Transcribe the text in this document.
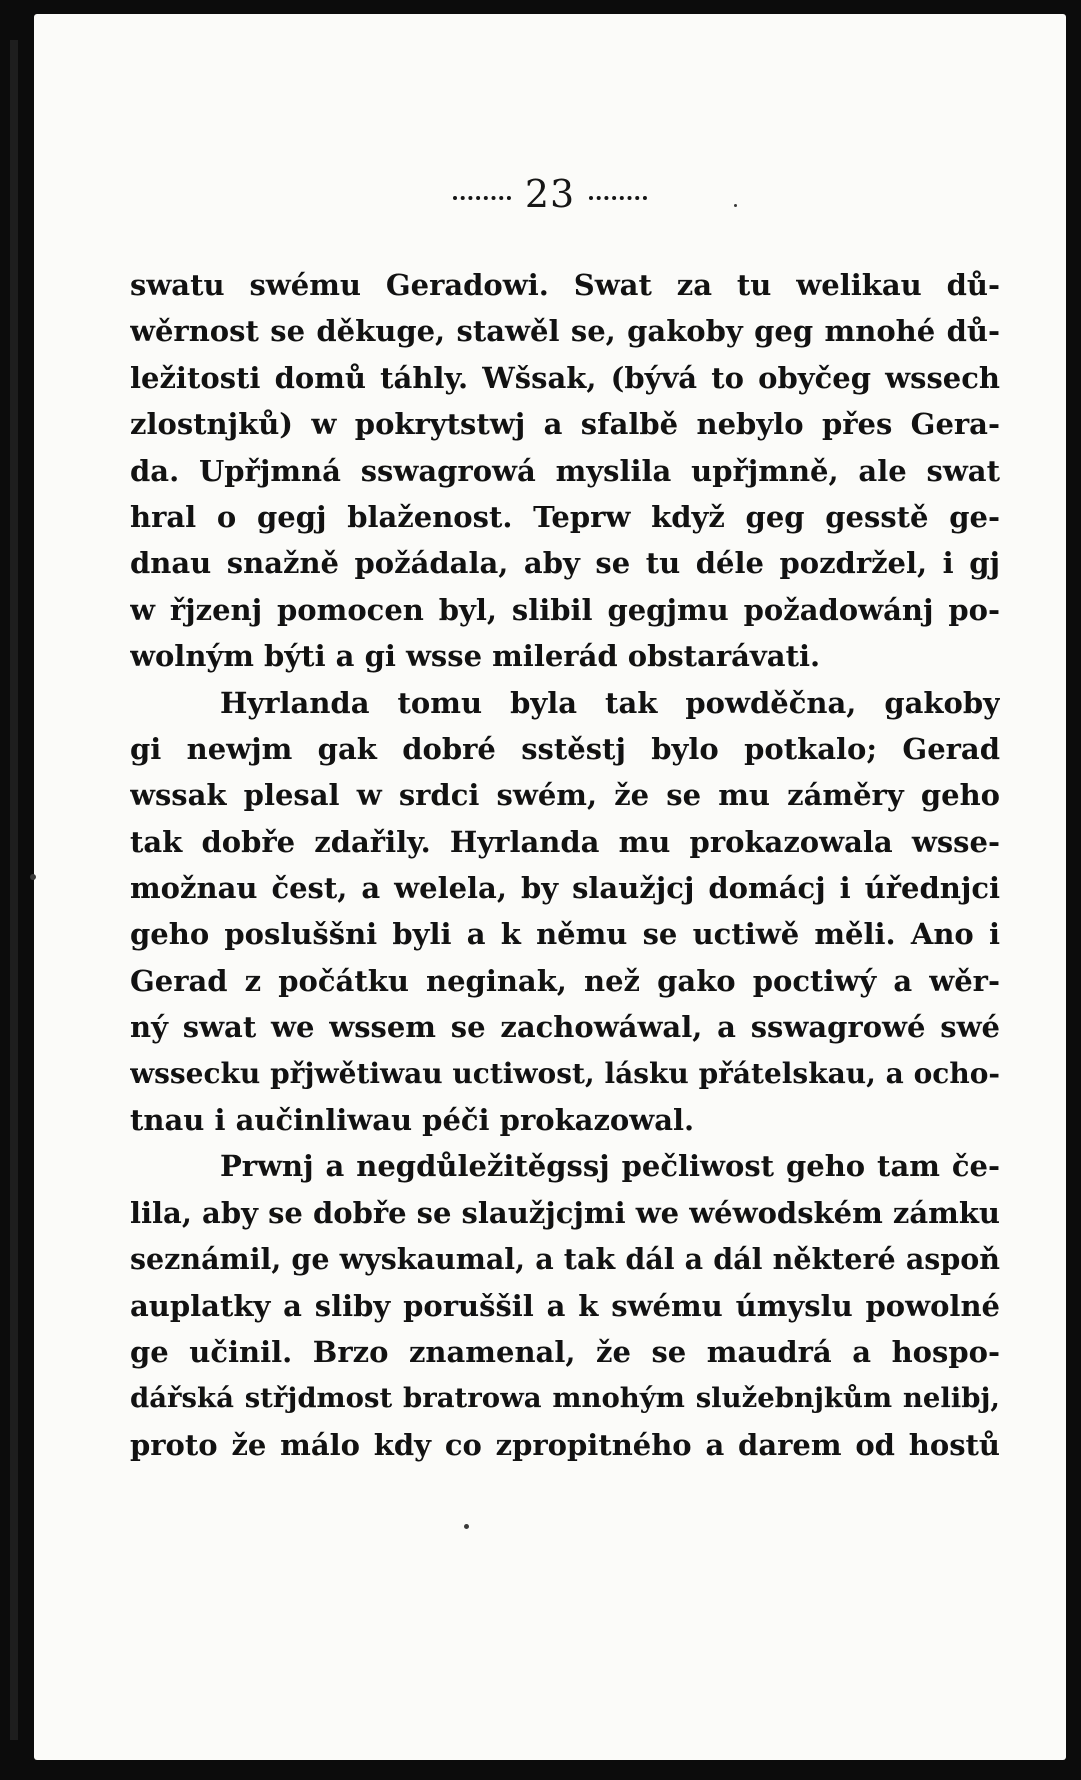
23
swatu swému Geradowi. Swat za tu welikau dů-
wěrnost se děkuge, stawěl se, gakoby geg mnohé dů-
ležitosti domů táhly. Wšsak, (bývá to obyčeg wssech
zlostnjků) w pokrytstwj a sfalbě nebylo přes Gera-
da. Upřjmná sswagrowá myslila upřjmně, ale swat
hral o gegj blaženost. Teprw když geg gesstě ge-
dnau snažně požádala, aby se tu déle pozdržel, i gj
w řjzenj pomocen byl, slibil gegjmu požadowánj po-
wolným býti a gi wsse milerád obstarávati.
Hyrlanda tomu byla tak powděčna, gakoby
gi newjm gak dobré sstěstj bylo potkalo; Gerad
wssak plesal w srdci swém, že se mu záměry geho
tak dobře zdařily. Hyrlanda mu prokazowala wsse-
možnau čest, a welela, by slaužjcj domácj i úřednjci
geho posluššni byli a k němu se uctiwě měli. Ano i
Gerad z počátku neginak, než gako poctiwý a wěr-
ný swat we wssem se zachowáwal, a sswagrowé swé
wssecku přjwětiwau uctiwost, lásku přátelskau, a ocho-
tnau i aučinliwau péči prokazowal.
Prwnj a negdůležitěgssj pečliwost geho tam če-
lila, aby se dobře se slaužjcjmi we wéwodském zámku
seznámil, ge wyskaumal, a tak dál a dál některé aspoň
auplatky a sliby poruššil a k swému úmyslu powolné
ge učinil. Brzo znamenal, že se maudrá a hospo-
dářská střjdmost bratrowa mnohým služebnjkům nelibj,
proto že málo kdy co zpropitného a darem od hostů
